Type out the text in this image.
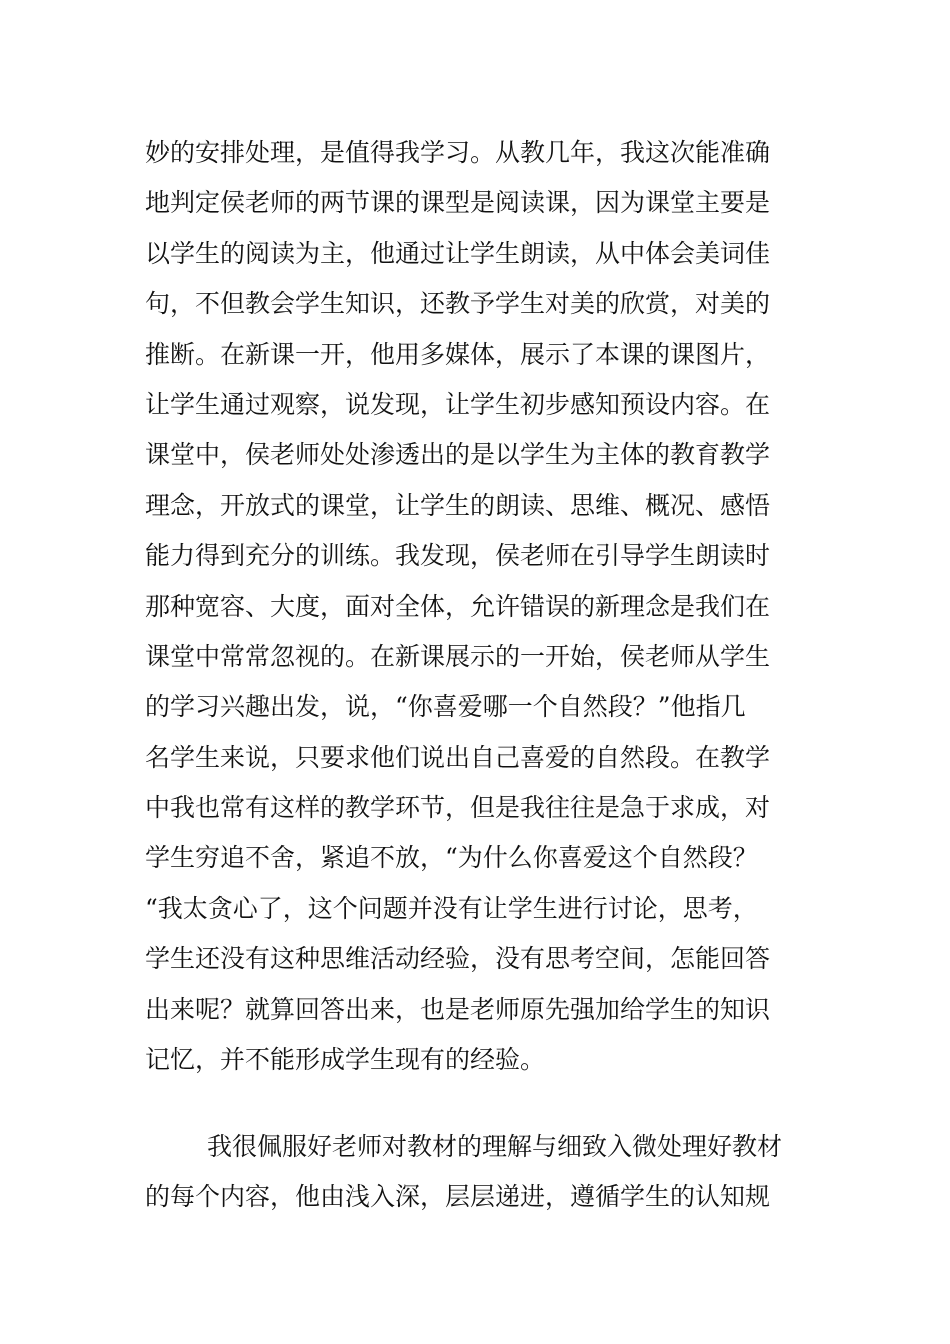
妙的安排处理，是值得我学习。从教几年，我这次能准确
地判定侯老师的两节课的课型是阅读课，因为课堂主要是
以学生的阅读为主，他通过让学生朗读，从中体会美词佳
句，不但教会学生知识，还教予学生对美的欣赏，对美的
推断。在新课一开，他用多媒体，展示了本课的课图片，
让学生通过观察，说发现，让学生初步感知预设内容。在
课堂中，侯老师处处渗透出的是以学生为主体的教育教学
理念，开放式的课堂，让学生的朗读、思维、概况、感悟
能力得到充分的训练。我发现，侯老师在引导学生朗读时
那种宽容、大度，面对全体，允许错误的新理念是我们在
课堂中常常忽视的。在新课展示的一开始，侯老师从学生
的学习兴趣出发，说，“你喜爱哪一个自然段？”他指几
名学生来说，只要求他们说出自己喜爱的自然段。在教学
中我也常有这样的教学环节，但是我往往是急于求成，对
学生穷追不舍，紧追不放，“为什么你喜爱这个自然段？
“我太贪心了，这个问题并没有让学生进行讨论，思考，
学生还没有这种思维活动经验，没有思考空间，怎能回答
出来呢？就算回答出来，也是老师原先强加给学生的知识
记忆，并不能形成学生现有的经验。
我很佩服好老师对教材的理解与细致入微处理好教材
的每个内容，他由浅入深，层层递进，遵循学生的认知规
